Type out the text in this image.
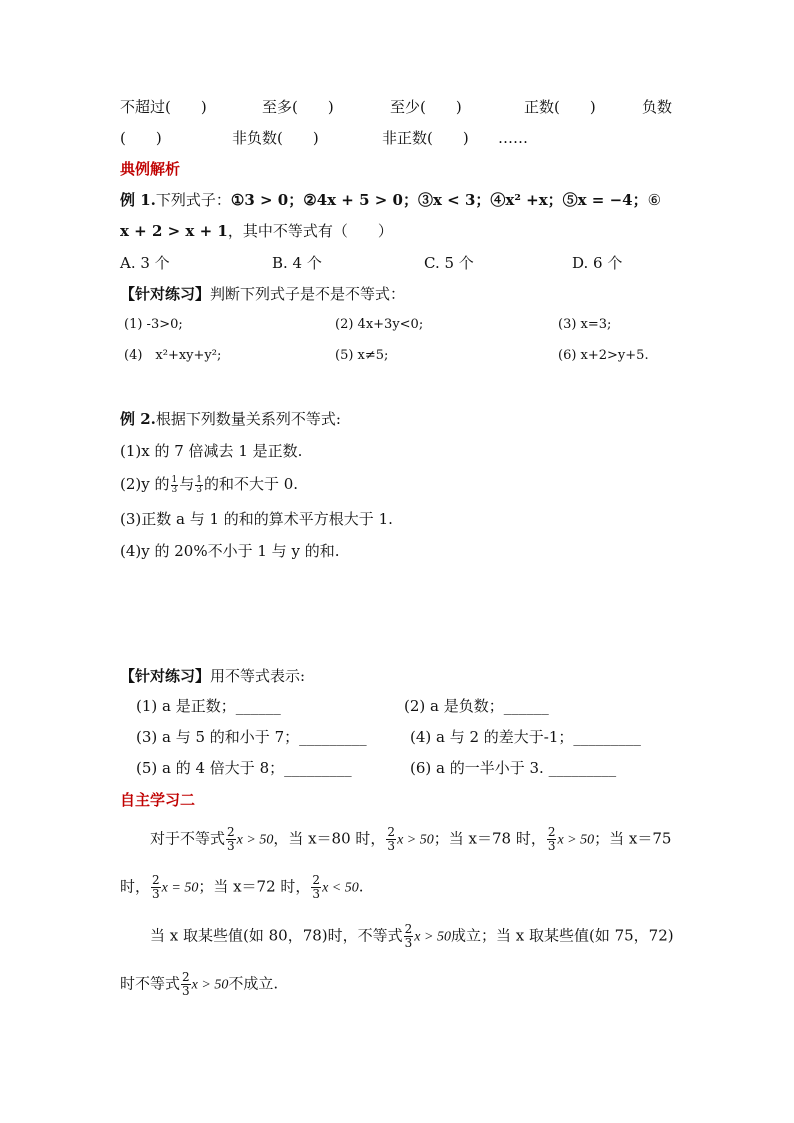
不超过(　　)	至多(　　)	至少(　　)	正数(　　)	负数
(　　)	非负数(　　)	非正数(　　) ……
典例解析
例 1.下列式子：①3 > 0；②4x + 5 > 0；③x < 3；④x² +x；⑤x = −4；⑥
x + 2 > x + 1，其中不等式有（　　）
A. 3 个	B. 4 个	C. 5 个	D. 6 个
【针对练习】判断下列式子是不是不等式：
(1) -3>0;	(2) 4x+3y<0;	(3) x=3;
(4)　x²+xy+y²;	(5) x≠5;	(6) x+2>y+5.
例 2.根据下列数量关系列不等式:
(1)x 的 7 倍减去 1 是正数.
(2)y 的 $\frac{1}{3}$ 与 $\frac{1}{3}$ 的和不大于 0.
(3)正数 a 与 1 的和的算术平方根大于 1.
(4)y 的 20%不小于 1 与 y 的和.
【针对练习】用不等式表示:
(1) a 是正数；______	(2) a 是负数；______
(3) a 与 5 的和小于 7；_________	(4) a 与 2 的差大于-1；_________
(5) a 的 4 倍大于 8；_________	(6) a 的一半小于 3. _________
自主学习二
对于不等式 $\frac{2}{3}$ x > 50，当 x＝80 时， $\frac{2}{3}$ x > 50；当 x＝78 时， $\frac{2}{3}$ x > 50；当 x＝75
时， $\frac{2}{3}$ x = 50；当 x＝72 时， $\frac{2}{3}$ x < 50.
当 x 取某些值(如 80，78)时，不等式 $\frac{2}{3}$ x > 50成立；当 x 取某些值(如 75，72)
时不等式 $\frac{2}{3}$ x > 50不成立.
